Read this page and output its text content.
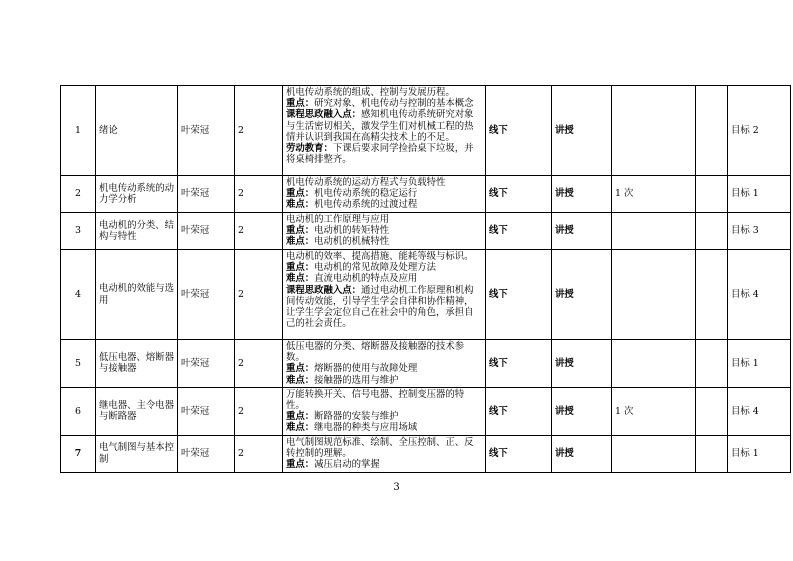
1	绪论	叶荣冠	2	机电传动系统的组成、控制与发展历程。

重点：研究对象、机电传动与控制的基本概念

课程思政融入点：感知机电传动系统研究对象与生活密切相关，激发学生们对机械工程的热情并认识到我国在高精尖技术上的不足。

劳动教育：下课后要求同学捡拾桌下垃圾，并将桌椅排整齐。	线下	讲授			目标 2
2	机电传动系统的动力学分析	叶荣冠	2	机电传动系统的运动方程式与负载特性

重点：机电传动系统的稳定运行

难点：机电传动系统的过渡过程	线下	讲授	1 次		目标 1
3	电动机的分类、结构与特性	叶荣冠	2	电动机的工作原理与应用

重点：电动机的转矩特性

难点：电动机的机械特性	线下	讲授			目标 3
4	电动机的效能与选用	叶荣冠	2	电动机的效率、提高措施、能耗等级与标识。

重点：电动机的常见故障及处理方法

难点：直流电动机的特点及应用

课程思政融入点：通过电动机工作原理和机构间传动效能，引导学生学会自律和协作精神，让学生学会定位自己在社会中的角色，承担自己的社会责任。	线下	讲授			目标 4
5	低压电器、熔断器与接触器	叶荣冠	2	低压电器的分类、熔断器及接触器的技术参数。

重点：熔断器的使用与故障处理

难点：接触器的选用与维护	线下	讲授			目标 1
6	继电器、主令电器与断路器	叶荣冠	2	万能转换开关、信号电器、控制变压器的特性。

重点：断路器的安装与维护

难点：继电器的种类与应用场域	线下	讲授	1 次		目标 4
7	电气制图与基本控制	叶荣冠	2	电气制图规范标准、绘制、全压控制、正、反转控制的理解。

重点：减压启动的掌握	线下	讲授			目标 1
3
